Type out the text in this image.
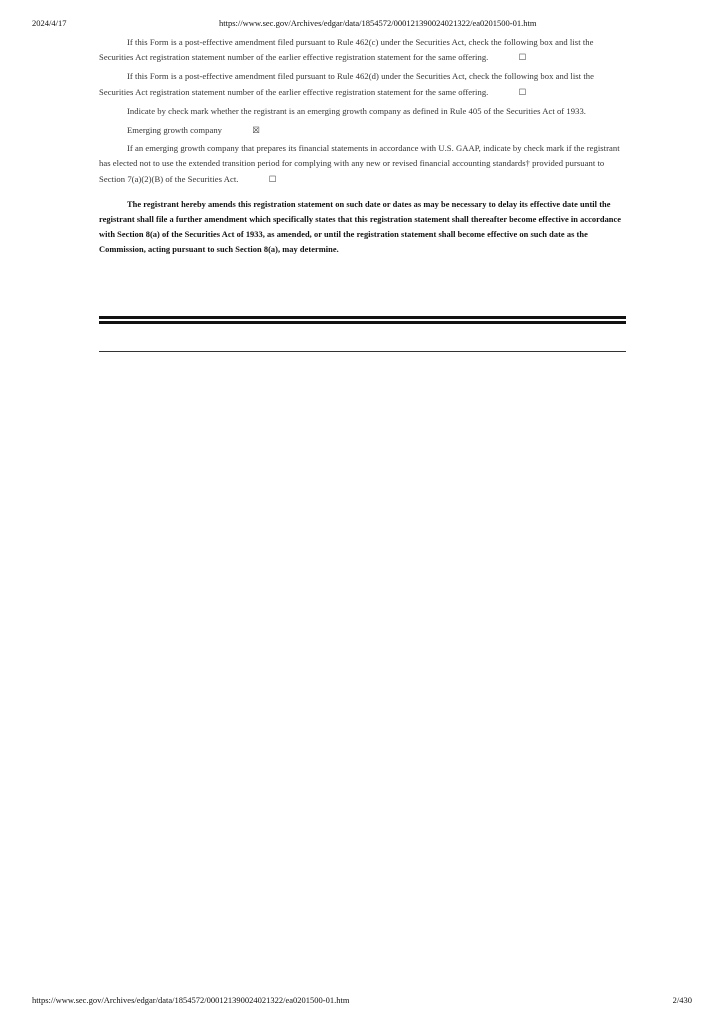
2024/4/17	https://www.sec.gov/Archives/edgar/data/1854572/000121390024021322/ea0201500-01.htm

If this Form is a post-effective amendment filed pursuant to Rule 462(c) under the Securities Act, check the following box and list the Securities Act registration statement number of the earlier effective registration statement for the same offering.	☐

If this Form is a post-effective amendment filed pursuant to Rule 462(d) under the Securities Act, check the following box and list the Securities Act registration statement number of the earlier effective registration statement for the same offering.	☐

Indicate by check mark whether the registrant is an emerging growth company as defined in Rule 405 of the Securities Act of 1933.

Emerging growth company	☒

If an emerging growth company that prepares its financial statements in accordance with U.S. GAAP, indicate by check mark if the registrant has elected not to use the extended transition period for complying with any new or revised financial accounting standards† provided pursuant to Section 7(a)(2)(B) of the Securities Act.	☐

The registrant hereby amends this registration statement on such date or dates as may be necessary to delay its effective date until the registrant shall file a further amendment which specifically states that this registration statement shall thereafter become effective in accordance with Section 8(a) of the Securities Act of 1933, as amended, or until the registration statement shall become effective on such date as the Commission, acting pursuant to such Section 8(a), may determine.

https://www.sec.gov/Archives/edgar/data/1854572/000121390024021322/ea0201500-01.htm	2/430
